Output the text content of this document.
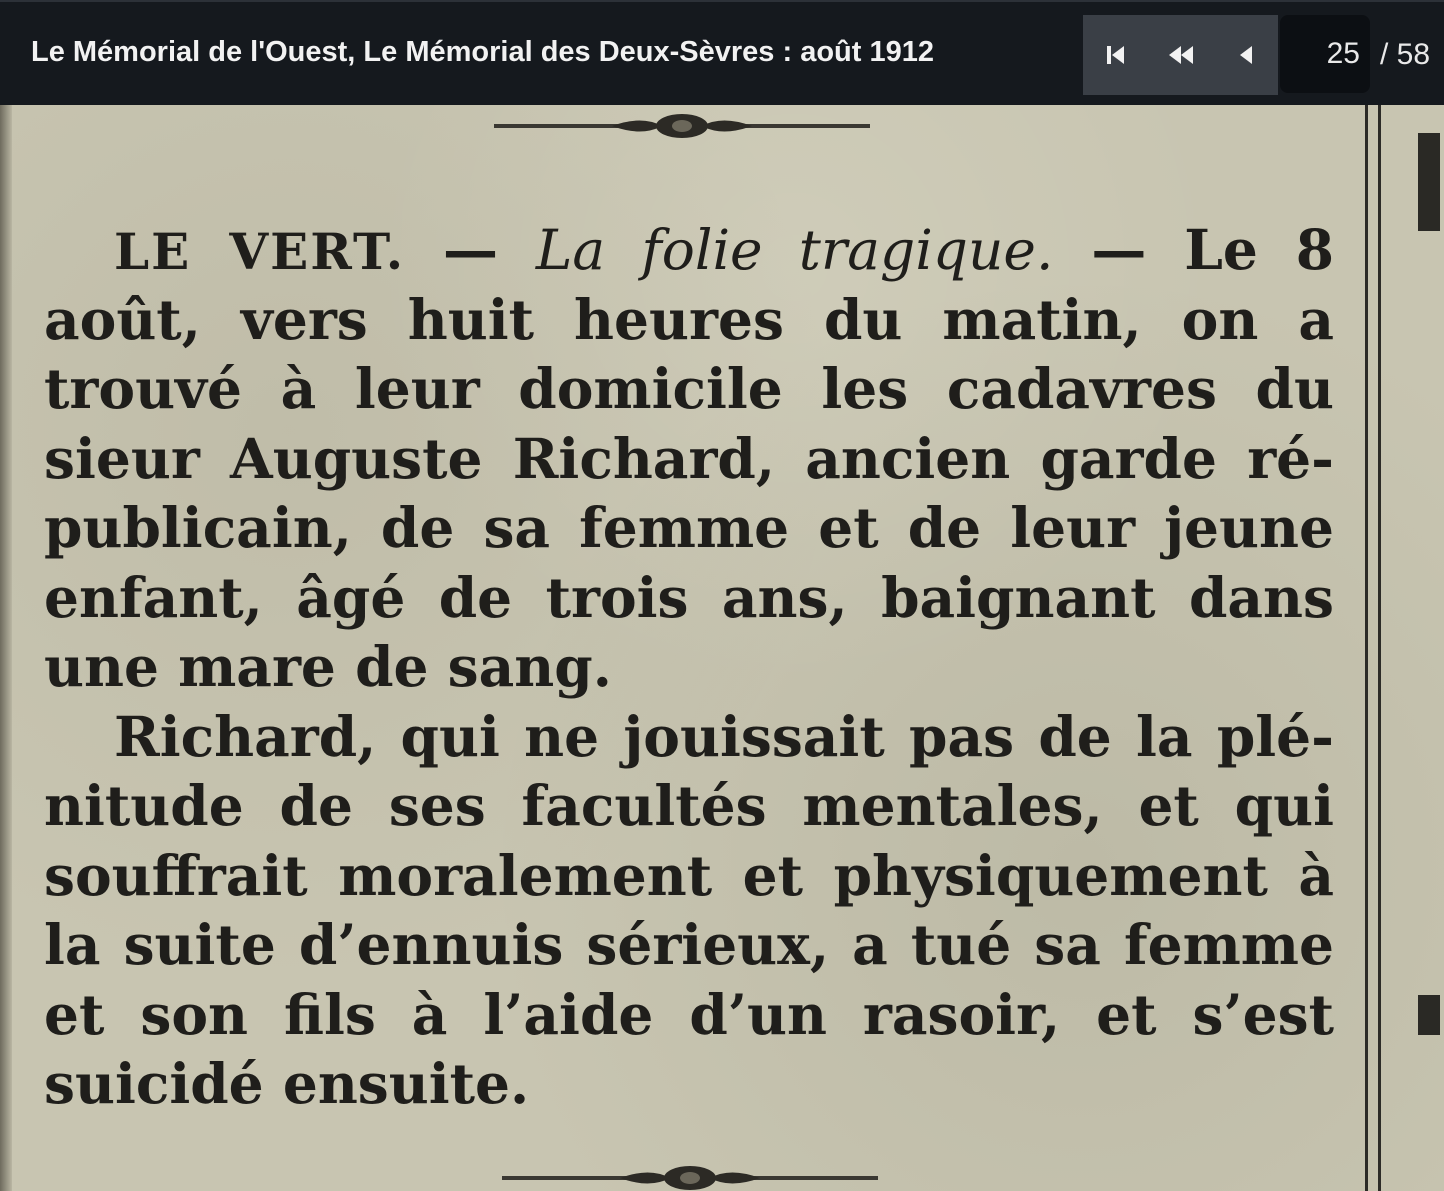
Le Mémorial de l'Ouest, Le Mémorial des Deux-Sèvres : août 1912
25	/ 58
LE VERT. — La folie tragique. — Le 8
août, vers huit heures du matin, on a
trouvé à leur domicile les cadavres du
sieur Auguste Richard, ancien garde ré-
publicain, de sa femme et de leur jeune
enfant, âgé de trois ans, baignant dans
une mare de sang.
Richard, qui ne jouissait pas de la plé-
nitude de ses facultés mentales, et qui
souffrait moralement et physiquement à
la suite d’ennuis sérieux, a tué sa femme
et son fils à l’aide d’un rasoir, et s’est
suicidé ensuite.
